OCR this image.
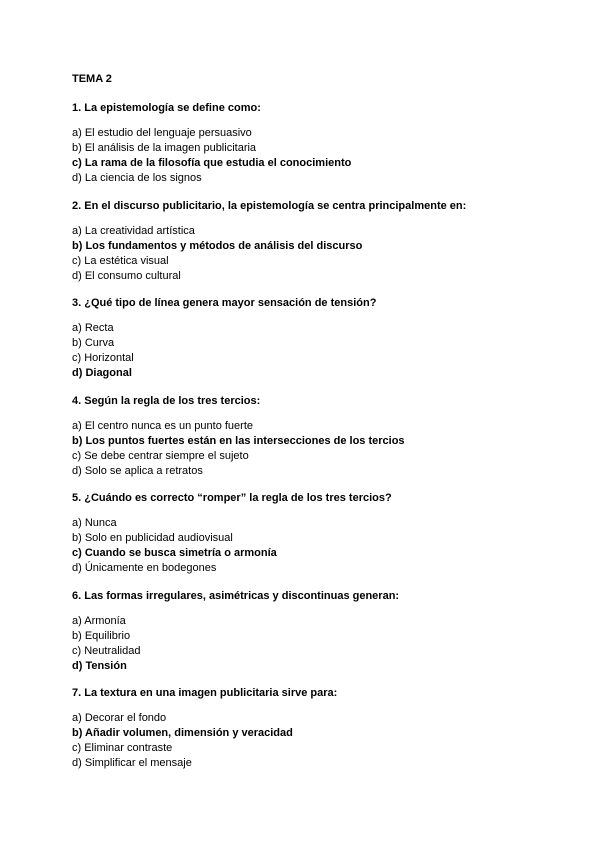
TEMA 2
1. La epistemología se define como:
a) El estudio del lenguaje persuasivo
b) El análisis de la imagen publicitaria
c) La rama de la filosofía que estudia el conocimiento
d) La ciencia de los signos
2. En el discurso publicitario, la epistemología se centra principalmente en:
a) La creatividad artística
b) Los fundamentos y métodos de análisis del discurso
c) La estética visual
d) El consumo cultural
3. ¿Qué tipo de línea genera mayor sensación de tensión?
a) Recta
b) Curva
c) Horizontal
d) Diagonal
4. Según la regla de los tres tercios:
a) El centro nunca es un punto fuerte
b) Los puntos fuertes están en las intersecciones de los tercios
c) Se debe centrar siempre el sujeto
d) Solo se aplica a retratos
5. ¿Cuándo es correcto “romper” la regla de los tres tercios?
a) Nunca
b) Solo en publicidad audiovisual
c) Cuando se busca simetría o armonía
d) Únicamente en bodegones
6. Las formas irregulares, asimétricas y discontinuas generan:
a) Armonía
b) Equilibrio
c) Neutralidad
d) Tensión
7. La textura en una imagen publicitaria sirve para:
a) Decorar el fondo
b) Añadir volumen, dimensión y veracidad
c) Eliminar contraste
d) Simplificar el mensaje
